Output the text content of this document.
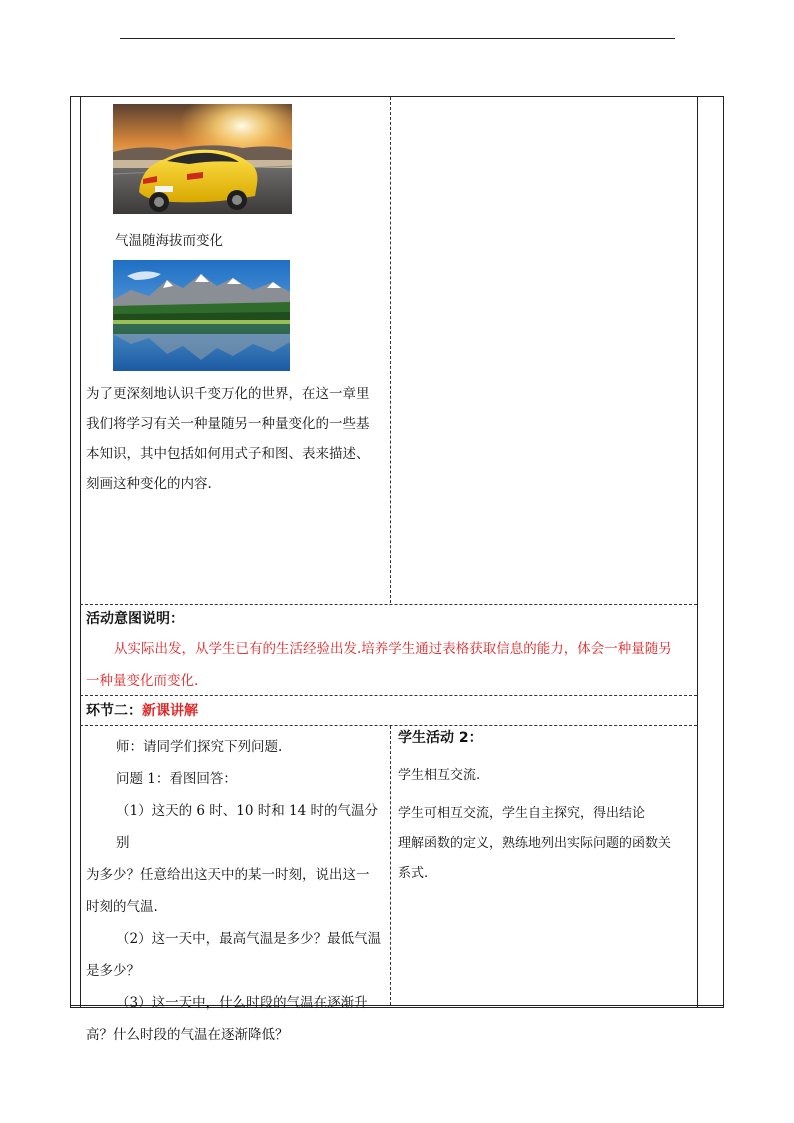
气温随海拔而变化

为了更深刻地认识千变万化的世界，在这一章里

我们将学习有关一种量随另一种量变化的一些基

本知识，其中包括如何用式子和图、表来描述、

刻画这种变化的内容.

活动意图说明：
从实际出发，从学生已有的生活经验出发.培养学生通过表格获取信息的能力，体会一种量随另
一种量变化而变化.
环节二：新课讲解

师：请同学们探究下列问题.

问题 1：看图回答：

（1）这天的 6 时、10 时和 14 时的气温分别

为多少？任意给出这天中的某一时刻，说出这一

时刻的气温.

（2）这一天中，最高气温是多少？最低气温

是多少？

（3）这一天中，什么时段的气温在逐渐升

高？什么时段的气温在逐渐降低？

学生活动 2：

学生相互交流.

学生可相互交流，学生自主探究，得出结论

理解函数的定义，熟练地列出实际问题的函数关

系式.
